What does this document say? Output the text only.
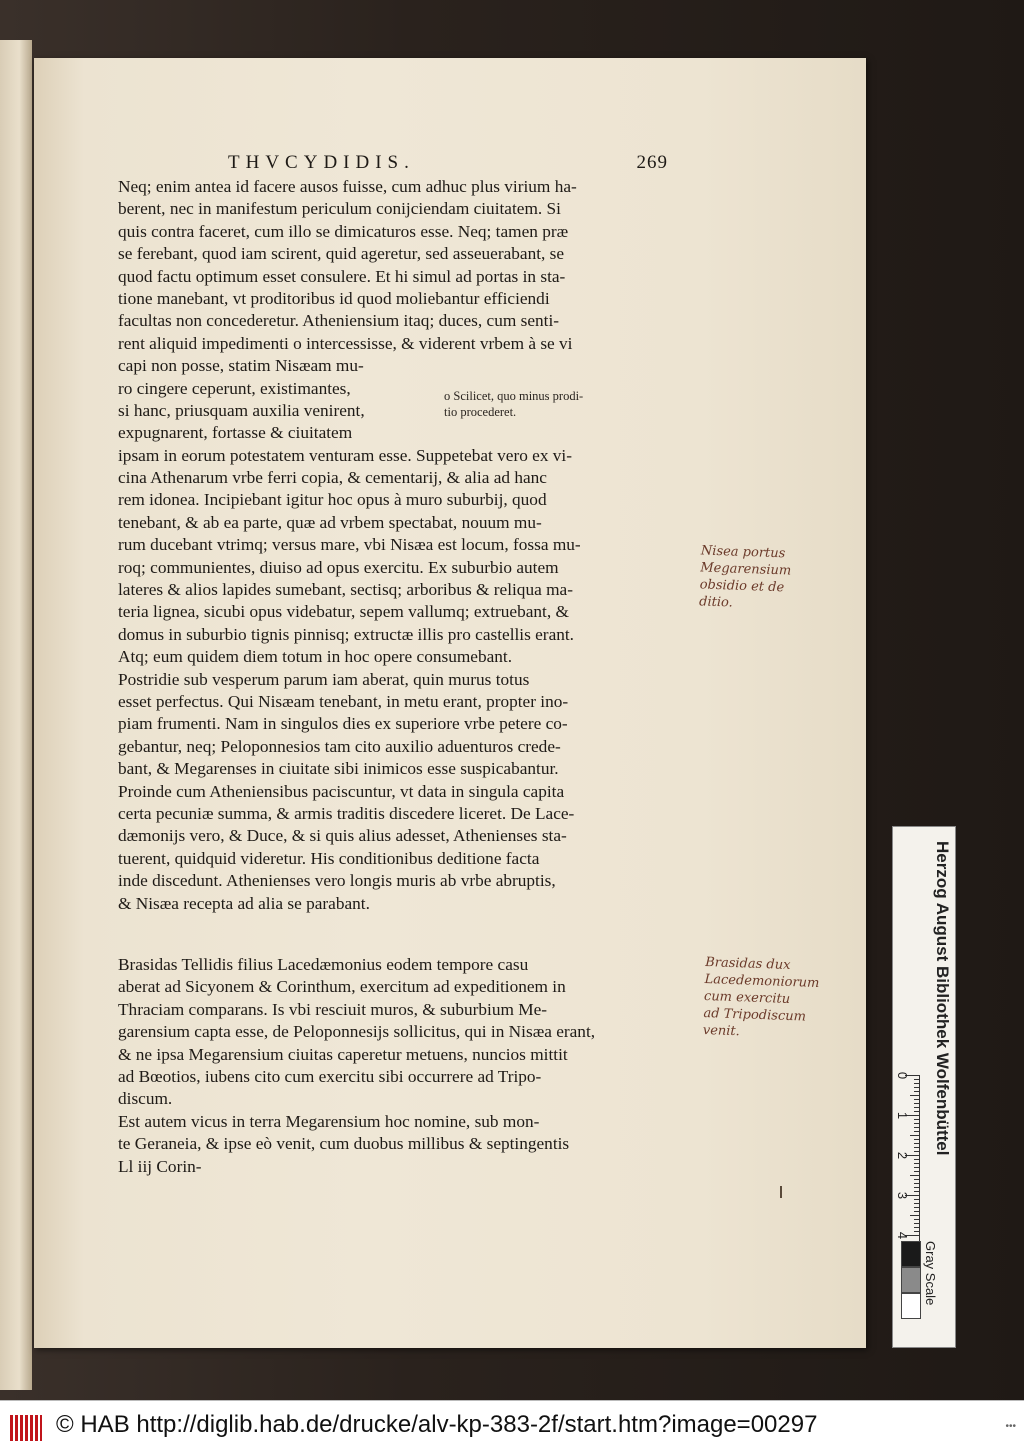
THVCYDIDIS.	269
Neq; enim antea id facere ausos fuisse, cum adhuc plus virium ha-
berent, nec in manifestum periculum conijciendam ciuitatem. Si
quis contra faceret, cum illo se dimicaturos esse. Neq; tamen præ
se ferebant, quod iam scirent, quid ageretur, sed asseuerabant, se
quod factu optimum esset consulere. Et hi simul ad portas in sta-
tione manebant, vt proditoribus id quod moliebantur efficiendi
facultas non concederetur. Atheniensium itaq; duces, cum senti-
rent aliquid impedimenti o intercessisse, & viderent vrbem à se vi
capi non posse, statim Nisæam mu-
ro cingere ceperunt, existimantes,
si hanc, priusquam auxilia venirent,
expugnarent, fortasse & ciuitatem
ipsam in eorum potestatem venturam esse. Suppetebat vero ex vi-
cina Athenarum vrbe ferri copia, & cementarij, & alia ad hanc
rem idonea. Incipiebant igitur hoc opus à muro suburbij, quod
tenebant, & ab ea parte, quæ ad vrbem spectabat, nouum mu-
rum ducebant vtrimq; versus mare, vbi Nisæa est locum, fossa mu-
roq; communientes, diuiso ad opus exercitu. Ex suburbio autem
lateres & alios lapides sumebant, sectisq; arboribus & reliqua ma-
teria lignea, sicubi opus videbatur, sepem vallumq; extruebant, &
domus in suburbio tignis pinnisq; extructæ illis pro castellis erant.
Atq; eum quidem diem totum in hoc opere consumebant.
Postridie sub vesperum parum iam aberat, quin murus totus
esset perfectus. Qui Nisæam tenebant, in metu erant, propter ino-
piam frumenti. Nam in singulos dies ex superiore vrbe petere co-
gebantur, neq; Peloponnesios tam cito auxilio aduenturos crede-
bant, & Megarenses in ciuitate sibi inimicos esse suspicabantur.
Proinde cum Atheniensibus paciscuntur, vt data in singula capita
certa pecuniæ summa, & armis traditis discedere liceret. De Lace-
dæmonijs vero, & Duce, & si quis alius adesset, Athenienses sta-
tuerent, quidquid videretur. His conditionibus deditione facta
inde discedunt. Athenienses vero longis muris ab vrbe abruptis,
& Nisæa recepta ad alia se parabant.
Brasidas Tellidis filius Lacedæmonius eodem tempore casu
aberat ad Sicyonem & Corinthum, exercitum ad expeditionem in
Thraciam comparans. Is vbi resciuit muros, & suburbium Me-
garensium capta esse, de Peloponnesijs sollicitus, qui in Nisæa erant,
& ne ipsa Megarensium ciuitas caperetur metuens, nuncios mittit
ad Bœotios, iubens cito cum exercitu sibi occurrere ad Tripo-
discum.
Est autem vicus in terra Megarensium hoc nomine, sub mon-
te Geraneia, & ipse eò venit, cum duobus millibus & septingentis
Ll iij Corin-
o Scilicet, quo minus prodi-
tio procederet.
Nisea portus
Megarensium
obsidio et de
ditio.
Brasidas dux
Lacedemoniorum
cum exercitu
ad Tripodiscum
venit.	Herzog August Bibliothek Wolfenbüttel
0
1
2
3
4
Gray Scale
© HAB http://diglib.hab.de/drucke/alv-kp-383-2f/start.htm?image=00297	•••
